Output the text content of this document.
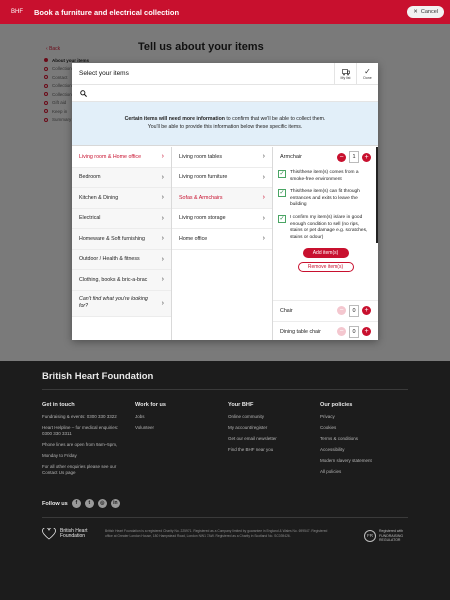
BHF	Book a furniture and electrical collection	✕ Cancel
‹ Back	Tell us about your items
About your items
Collection
Contact
Collection
Collection
Gift aid
Keep in
Summary
Select your items
My list
✓
Done
Certain items will need more information to confirm that we'll be able to collect them. You'll be able to provide this information below these specific items.
Living room & Home office	›
Bedroom	›
Kitchen & Dining	›
Electrical	›
Homeware & Soft furnishing ›
Outdoor / Health & fitness	›
Clothing, books & bric-a-brac ›
Can't find what you're looking for?	›
Living room tables	›
Living room furniture	›
Sofas & Armchairs	›
Living room storage	›
Home office	›
Armchair	−	1	+
✓	This/these item(s) comes from a smoke-free environment
✓	This/these item(s) can fit through entrances and exits to leave the building
✓	I confirm my item(s) is/are in good enough condition to sell (no rips, stains or pet damage e.g. scratches, stains or odour)
Add item(s)
Remove item(s)
Chair	−	0	+
Dining table chair	−	0	+
British Heart Foundation
Get in touch
Fundraising & events: 0300 330 3322
Heart Helpline – for medical enquiries: 0300 330 3311
Phone lines are open from 9am–5pm,
Monday to Friday
For all other enquiries please see our Contact Us page
Work for us
Jobs
Volunteer
Your BHF
Online community
My account/register
Get our email newsletter
Find the BHF near you
Our policies
Privacy
Cookies
Terms & conditions
Accessibility
Modern slavery statement
All policies
Follow us	f	t	◎	in
British Heart Foundation
British Heart Foundation is a registered Charity No. 225971. Registered as a Company limited by guarantee in England & Wales No. 699547. Registered office at Greater London House, 180 Hampstead Road, London NW1 7AW. Registered as a Charity in Scotland No. SC039426.	FR
Registered with
FUNDRAISING
REGULATOR
